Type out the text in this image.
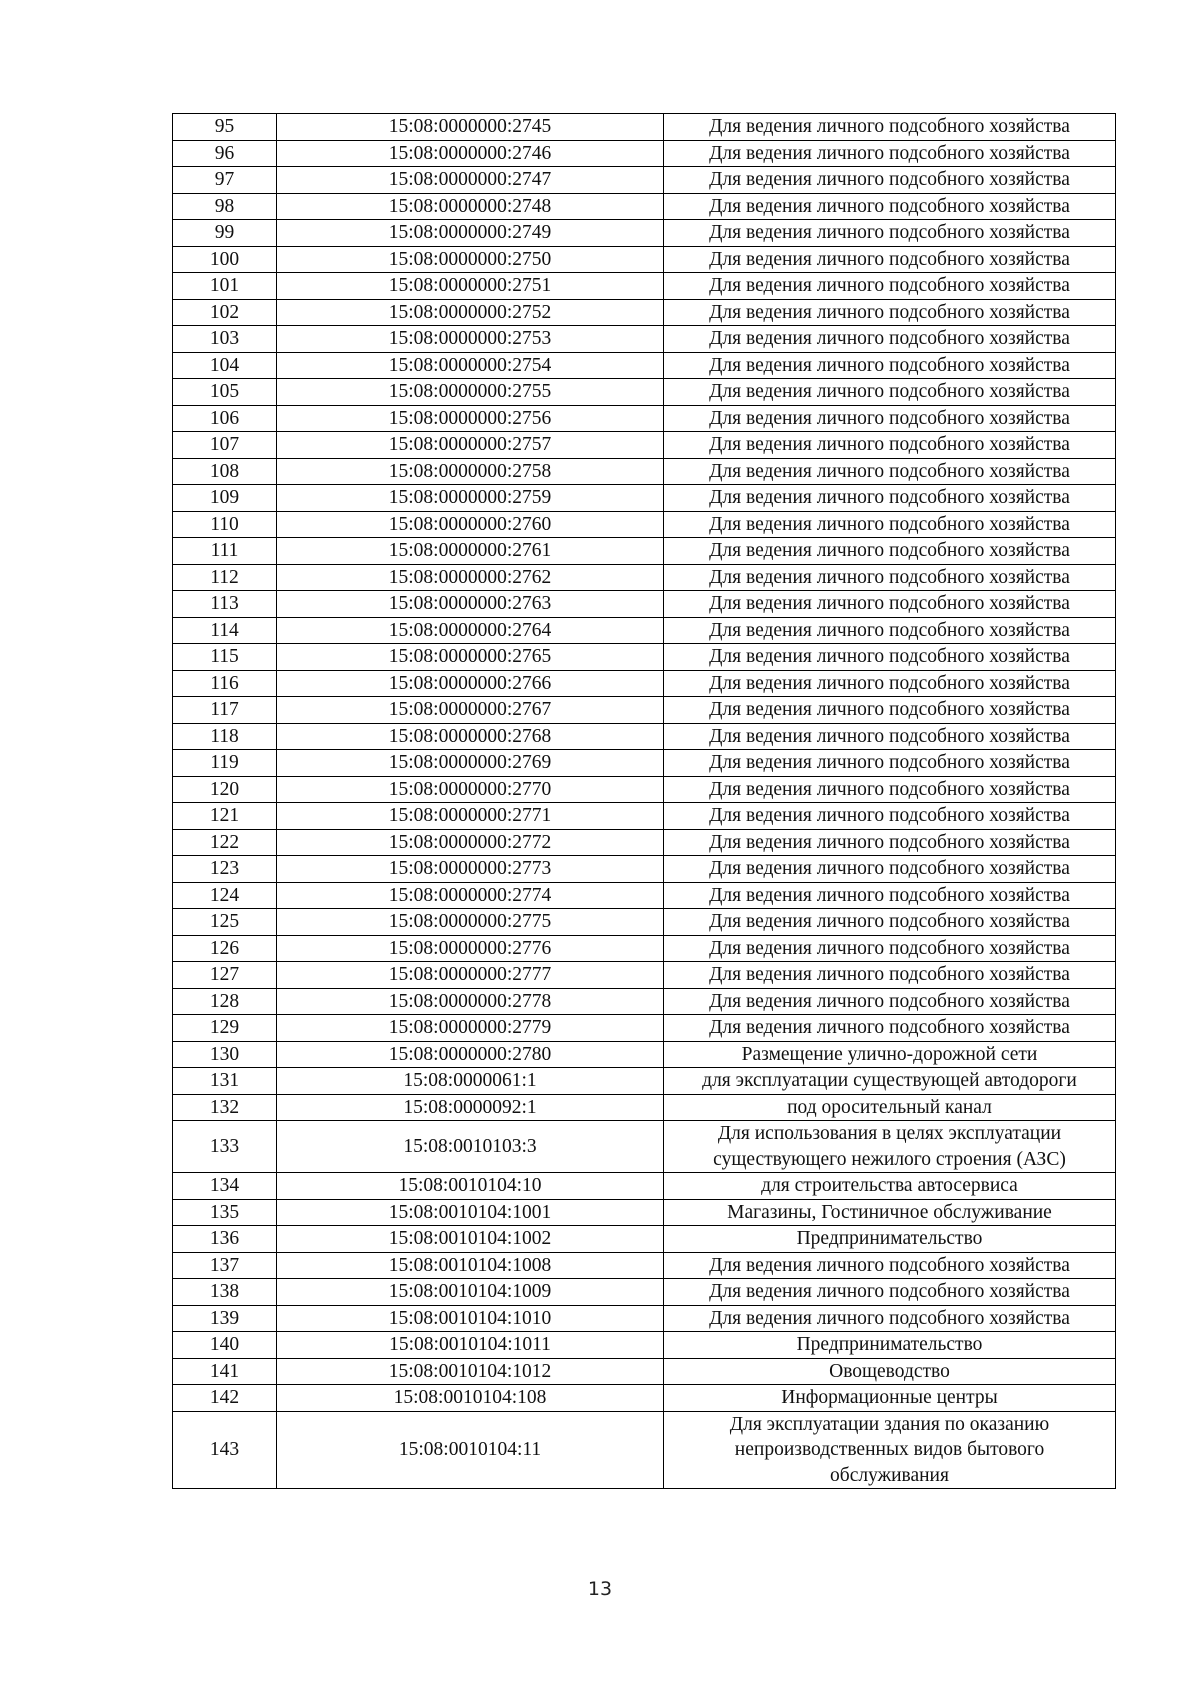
95	15:08:0000000:2745	Для ведения личного подсобного хозяйства
96	15:08:0000000:2746	Для ведения личного подсобного хозяйства
97	15:08:0000000:2747	Для ведения личного подсобного хозяйства
98	15:08:0000000:2748	Для ведения личного подсобного хозяйства
99	15:08:0000000:2749	Для ведения личного подсобного хозяйства
100	15:08:0000000:2750	Для ведения личного подсобного хозяйства
101	15:08:0000000:2751	Для ведения личного подсобного хозяйства
102	15:08:0000000:2752	Для ведения личного подсобного хозяйства
103	15:08:0000000:2753	Для ведения личного подсобного хозяйства
104	15:08:0000000:2754	Для ведения личного подсобного хозяйства
105	15:08:0000000:2755	Для ведения личного подсобного хозяйства
106	15:08:0000000:2756	Для ведения личного подсобного хозяйства
107	15:08:0000000:2757	Для ведения личного подсобного хозяйства
108	15:08:0000000:2758	Для ведения личного подсобного хозяйства
109	15:08:0000000:2759	Для ведения личного подсобного хозяйства
110	15:08:0000000:2760	Для ведения личного подсобного хозяйства
111	15:08:0000000:2761	Для ведения личного подсобного хозяйства
112	15:08:0000000:2762	Для ведения личного подсобного хозяйства
113	15:08:0000000:2763	Для ведения личного подсобного хозяйства
114	15:08:0000000:2764	Для ведения личного подсобного хозяйства
115	15:08:0000000:2765	Для ведения личного подсобного хозяйства
116	15:08:0000000:2766	Для ведения личного подсобного хозяйства
117	15:08:0000000:2767	Для ведения личного подсобного хозяйства
118	15:08:0000000:2768	Для ведения личного подсобного хозяйства
119	15:08:0000000:2769	Для ведения личного подсобного хозяйства
120	15:08:0000000:2770	Для ведения личного подсобного хозяйства
121	15:08:0000000:2771	Для ведения личного подсобного хозяйства
122	15:08:0000000:2772	Для ведения личного подсобного хозяйства
123	15:08:0000000:2773	Для ведения личного подсобного хозяйства
124	15:08:0000000:2774	Для ведения личного подсобного хозяйства
125	15:08:0000000:2775	Для ведения личного подсобного хозяйства
126	15:08:0000000:2776	Для ведения личного подсобного хозяйства
127	15:08:0000000:2777	Для ведения личного подсобного хозяйства
128	15:08:0000000:2778	Для ведения личного подсобного хозяйства
129	15:08:0000000:2779	Для ведения личного подсобного хозяйства
130	15:08:0000000:2780	Размещение улично-дорожной сети
131	15:08:0000061:1	для эксплуатации существующей автодороги
132	15:08:0000092:1	под оросительный канал
133	15:08:0010103:3	Для использования в целях эксплуатации
существующего нежилого строения (АЗС)
134	15:08:0010104:10	для строительства автосервиса
135	15:08:0010104:1001	Магазины, Гостиничное обслуживание
136	15:08:0010104:1002	Предпринимательство
137	15:08:0010104:1008	Для ведения личного подсобного хозяйства
138	15:08:0010104:1009	Для ведения личного подсобного хозяйства
139	15:08:0010104:1010	Для ведения личного подсобного хозяйства
140	15:08:0010104:1011	Предпринимательство
141	15:08:0010104:1012	Овощеводство
142	15:08:0010104:108	Информационные центры
143	15:08:0010104:11	Для эксплуатации здания по оказанию
непроизводственных видов бытового
обслуживания
13
